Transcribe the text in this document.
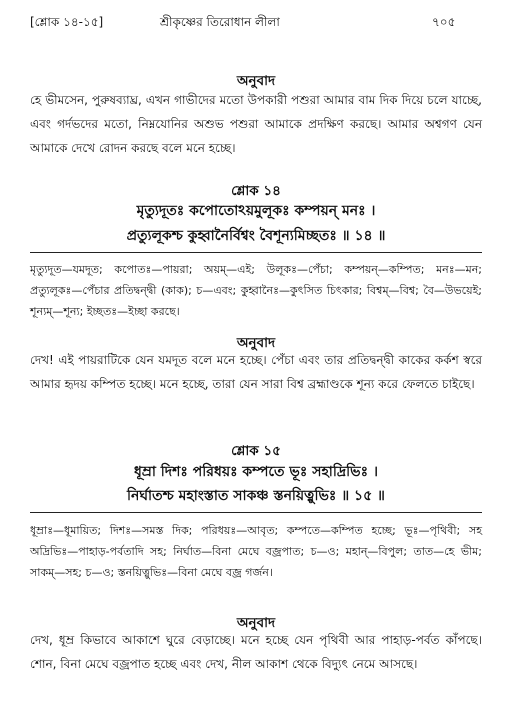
[শ্লোক ১৪-১৫]	শ্রীকৃষ্ণের তিরোধান লীলা	৭০৫
অনুবাদ
হে ভীমসেন, পুরুষব্যাঘ্র, এখন গাভীদের মতো উপকারী পশুরা আমার বাম দিক দিয়ে চলে যাচ্ছে, এবং গর্দভদের মতো, নিম্নযোনির অশুভ পশুরা আমাকে প্রদক্ষিণ করছে। আমার অশ্বগণ যেন আমাকে দেখে রোদন করছে বলে মনে হচ্ছে।
শ্লোক ১৪
মৃত্যুদূতঃ কপোতোঽয়মুলূকঃ কম্পয়ন্ মনঃ ।
প্রত্যুলূকশ্চ কুহ্বানৈর্বিশ্বং বৈশূন্যমিচ্ছতঃ ॥ ১৪ ॥
মৃত্যুদূত—যমদূত; কপোতঃ—পায়রা; অয়ম্—এই; উলূকঃ—পেঁচা; কম্পয়ন্—কম্পিত; মনঃ—মন; প্রত্যুলূকঃ—পেঁচার প্রতিদ্বন্দ্বী (কাক); চ—এবং; কুহ্বানৈঃ—কুৎসিত চিৎকার; বিশ্বম্—বিশ্ব; বৈ—উভয়েই; শূন্যম্—শূন্য; ইচ্ছতঃ—ইচ্ছা করছে।
অনুবাদ
দেখ! এই পায়রাটিকে যেন যমদূত বলে মনে হচ্ছে। পেঁচা এবং তার প্রতিদ্বন্দ্বী কাকের কর্কশ স্বরে আমার হৃদয় কম্পিত হচ্ছে। মনে হচ্ছে, তারা যেন সারা বিশ্ব ব্রহ্মাণ্ডকে শূন্য করে ফেলতে চাইছে।
শ্লোক ১৫
ধূম্রা দিশঃ পরিধয়ঃ কম্পতে ভূঃ সহাদ্রিভিঃ ।
নির্ঘাতশ্চ মহাংস্তাত সাকঞ্চ স্তনয়িত্নুভিঃ ॥ ১৫ ॥
ধূম্রাঃ—ধূমায়িত; দিশঃ—সমস্ত দিক; পরিধয়ঃ—আবৃত; কম্পতে—কম্পিত হচ্ছে; ভূঃ—পৃথিবী; সহ অদ্রিভিঃ—পাহাড়-পর্বতাদি সহ; নির্ঘাত—বিনা মেঘে বজ্রপাত; চ—ও; মহান্—বিপুল; তাত—হে ভীম; সাকম্—সহ; চ—ও; স্তনয়িত্নুভিঃ—বিনা মেঘে বজ্র গর্জন।
অনুবাদ
দেখ, ধূম্র কিভাবে আকাশে ঘুরে বেড়াচ্ছে। মনে হচ্ছে যেন পৃথিবী আর পাহাড়-পর্বত কাঁপছে। শোন, বিনা মেঘে বজ্রপাত হচ্ছে এবং দেখ, নীল আকাশ থেকে বিদ্যুৎ নেমে আসছে।
